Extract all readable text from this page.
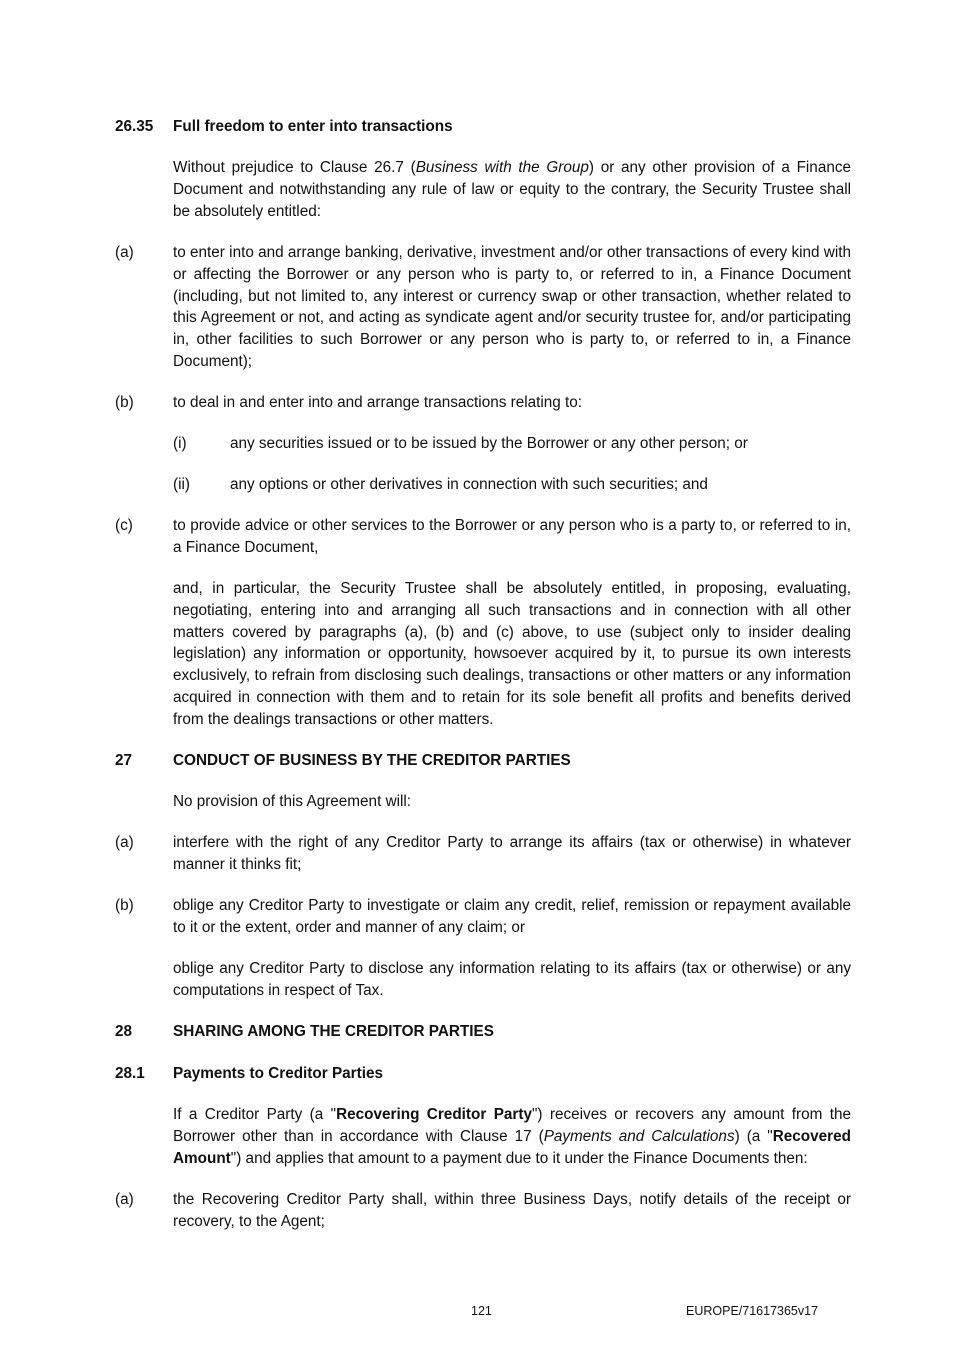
26.35 Full freedom to enter into transactions
Without prejudice to Clause 26.7 (Business with the Group) or any other provision of a Finance Document and notwithstanding any rule of law or equity to the contrary, the Security Trustee shall be absolutely entitled:
(a)	to enter into and arrange banking, derivative, investment and/or other transactions of every kind with or affecting the Borrower or any person who is party to, or referred to in, a Finance Document (including, but not limited to, any interest or currency swap or other transaction, whether related to this Agreement or not, and acting as syndicate agent and/or security trustee for, and/or participating in, other facilities to such Borrower or any person who is party to, or referred to in, a Finance Document);
(b)	to deal in and enter into and arrange transactions relating to:
(i)	any securities issued or to be issued by the Borrower or any other person; or
(ii)	any options or other derivatives in connection with such securities; and
(c)	to provide advice or other services to the Borrower or any person who is a party to, or referred to in, a Finance Document,
and, in particular, the Security Trustee shall be absolutely entitled, in proposing, evaluating, negotiating, entering into and arranging all such transactions and in connection with all other matters covered by paragraphs (a), (b) and (c) above, to use (subject only to insider dealing legislation) any information or opportunity, howsoever acquired by it, to pursue its own interests exclusively, to refrain from disclosing such dealings, transactions or other matters or any information acquired in connection with them and to retain for its sole benefit all profits and benefits derived from the dealings transactions or other matters.
27	CONDUCT OF BUSINESS BY THE CREDITOR PARTIES
No provision of this Agreement will:
(a)	interfere with the right of any Creditor Party to arrange its affairs (tax or otherwise) in whatever manner it thinks fit;
(b)	oblige any Creditor Party to investigate or claim any credit, relief, remission or repayment available to it or the extent, order and manner of any claim; or
oblige any Creditor Party to disclose any information relating to its affairs (tax or otherwise) or any computations in respect of Tax.
28	SHARING AMONG THE CREDITOR PARTIES
28.1 Payments to Creditor Parties
If a Creditor Party (a "Recovering Creditor Party") receives or recovers any amount from the Borrower other than in accordance with Clause 17 (Payments and Calculations) (a "Recovered Amount") and applies that amount to a payment due to it under the Finance Documents then:
(a)	the Recovering Creditor Party shall, within three Business Days, notify details of the receipt or recovery, to the Agent;
121	EUROPE/71617365v17
